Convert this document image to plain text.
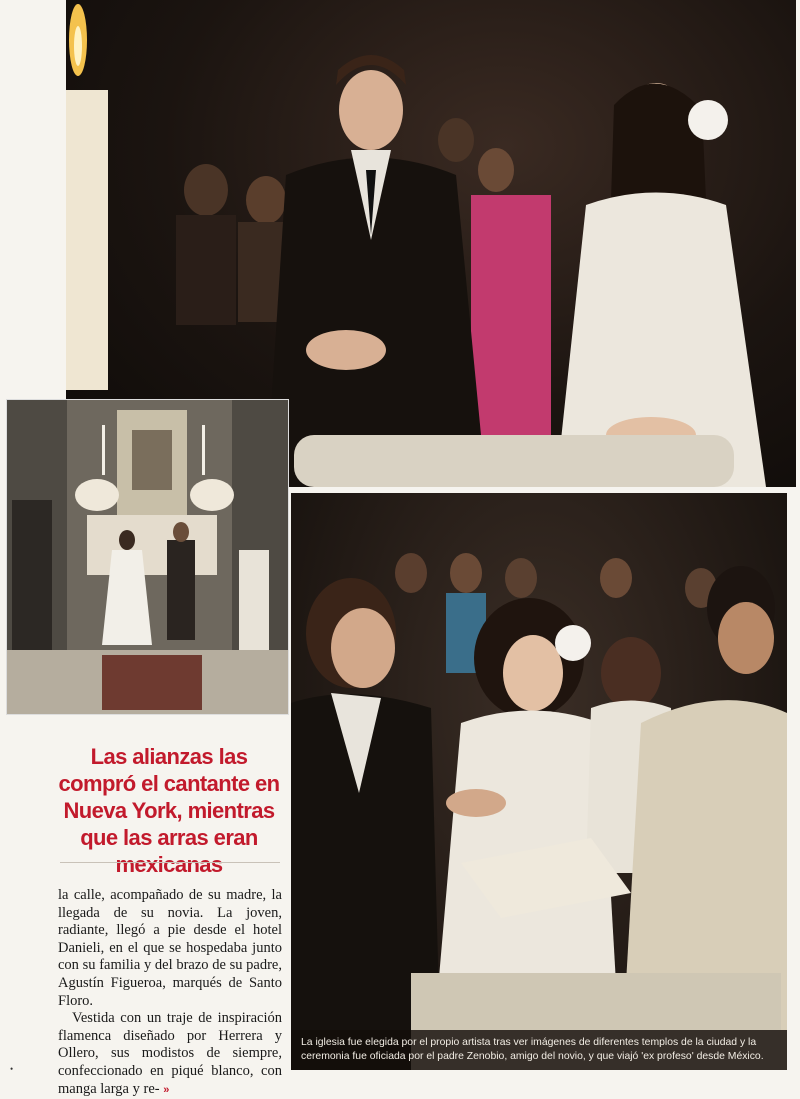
La iglesia fue elegida por el propio artista tras ver imágenes de diferentes templos de la ciudad y la ceremonia fue oficiada por el padre Zenobio, amigo del novio, y que viajó 'ex profeso' desde México.
Las alianzas las compró el cantante en Nueva York, mientras que las arras eran mexicanas

la calle, acompañado de su madre, la llegada de su novia. La joven, radiante, llegó a pie desde el hotel Danieli, en el que se hospedaba junto con su familia y del brazo de su padre, Agustín Figueroa, marqués de Santo Floro.

Vestida con un traje de inspiración flamenca diseñado por Herrera y Ollero, sus modistos de siempre, confeccionado en piqué blanco, con manga larga y re- »

•
